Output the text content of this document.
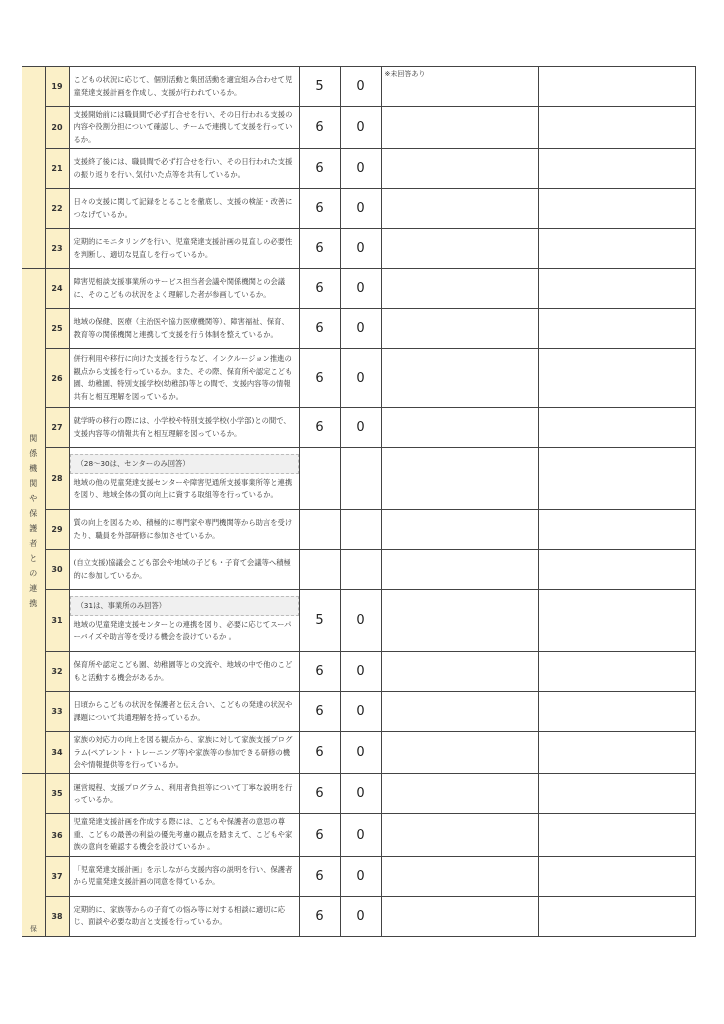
	19	こどもの状況に応じて、個別活動と集団活動を適宜組み合わせて児童発達支援計画を作成し、支援が行われているか。	5	0	※未回答あり	
	20	支援開始前には職員間で必ず打合せを行い、その日行われる支援の内容や役割分担について確認し、チームで連携して支援を行っているか。	6	0		
	21	支援終了後には、職員間で必ず打合せを行い、その日行われた支援の振り返りを行い､気付いた点等を共有しているか。	6	0		
	22	日々の支援に関して記録をとることを徹底し、支援の検証・改善につなげているか。	6	0		
	23	定期的にモニタリングを行い、児童発達支援計画の見直しの必要性を判断し、適切な見直しを行っているか。	6	0		
関係機関や保護者との連携	24	障害児相談支援事業所のサービス担当者会議や関係機関との会議に、そのこどもの状況をよく理解した者が参画しているか。	6	0		
	25	地域の保健、医療（主治医や協力医療機関等）、障害福祉、保育、教育等の関係機関と連携して支援を行う体制を整えているか。	6	0		
	26	併行利用や移行に向けた支援を行うなど、インクルージョン推進の観点から支援を行っているか。また、その際、保育所や認定こども園、幼稚園、特別支援学校(幼稚部)等との間で、支援内容等の情報共有と相互理解を図っているか。	6	0		
	27	就学時の移行の際には、小学校や特別支援学校(小学部)との間で、支援内容等の情報共有と相互理解を図っているか。	6	0		
	28	（28～30は、センターのみ回答）
地域の他の児童発達支援センターや障害児通所支援事業所等と連携を図り、地域全体の質の向上に資する取組等を行っているか。				

	29	質の向上を図るため、積極的に専門家や専門機関等から助言を受けたり、職員を外部研修に参加させているか。				
	30	(自立支援)協議会こども部会や地域の子ども・子育て会議等へ積極的に参加しているか。				
	31	（31は、事業所のみ回答）
地域の児童発達支援センターとの連携を図り、必要に応じてスーパーバイズや助言等を受ける機会を設けているか 。	5	0		
	32	保育所や認定こども園、幼稚園等との交流や、地域の中で他のこどもと活動する機会があるか。	6	0		
	33	日頃からこどもの状況を保護者と伝え合い、こどもの発達の状況や課題について共通理解を持っているか。	6	0		
	34	家族の対応力の向上を図る観点から、家族に対して家族支援プログラム(ペアレント・トレーニング等)や家族等の参加できる研修の機会や情報提供等を行っているか。	6	0		
	35	運営規程、支援プログラム、利用者負担等について丁寧な説明を行っているか。	6	0		
	36	児童発達支援計画を作成する際には、こどもや保護者の意思の尊重、こどもの最善の利益の優先考慮の観点を踏まえて、こどもや家族の意向を確認する機会を設けているか 。	6	0		
	37	「児童発達支援計画」を示しながら支援内容の説明を行い、保護者から児童発達支援計画の同意を得ているか。	6	0		
	38	定期的に、家族等からの子育ての悩み等に対する相談に適切に応じ、面談や必要な助言と支援を行っているか。	6	0		
保
